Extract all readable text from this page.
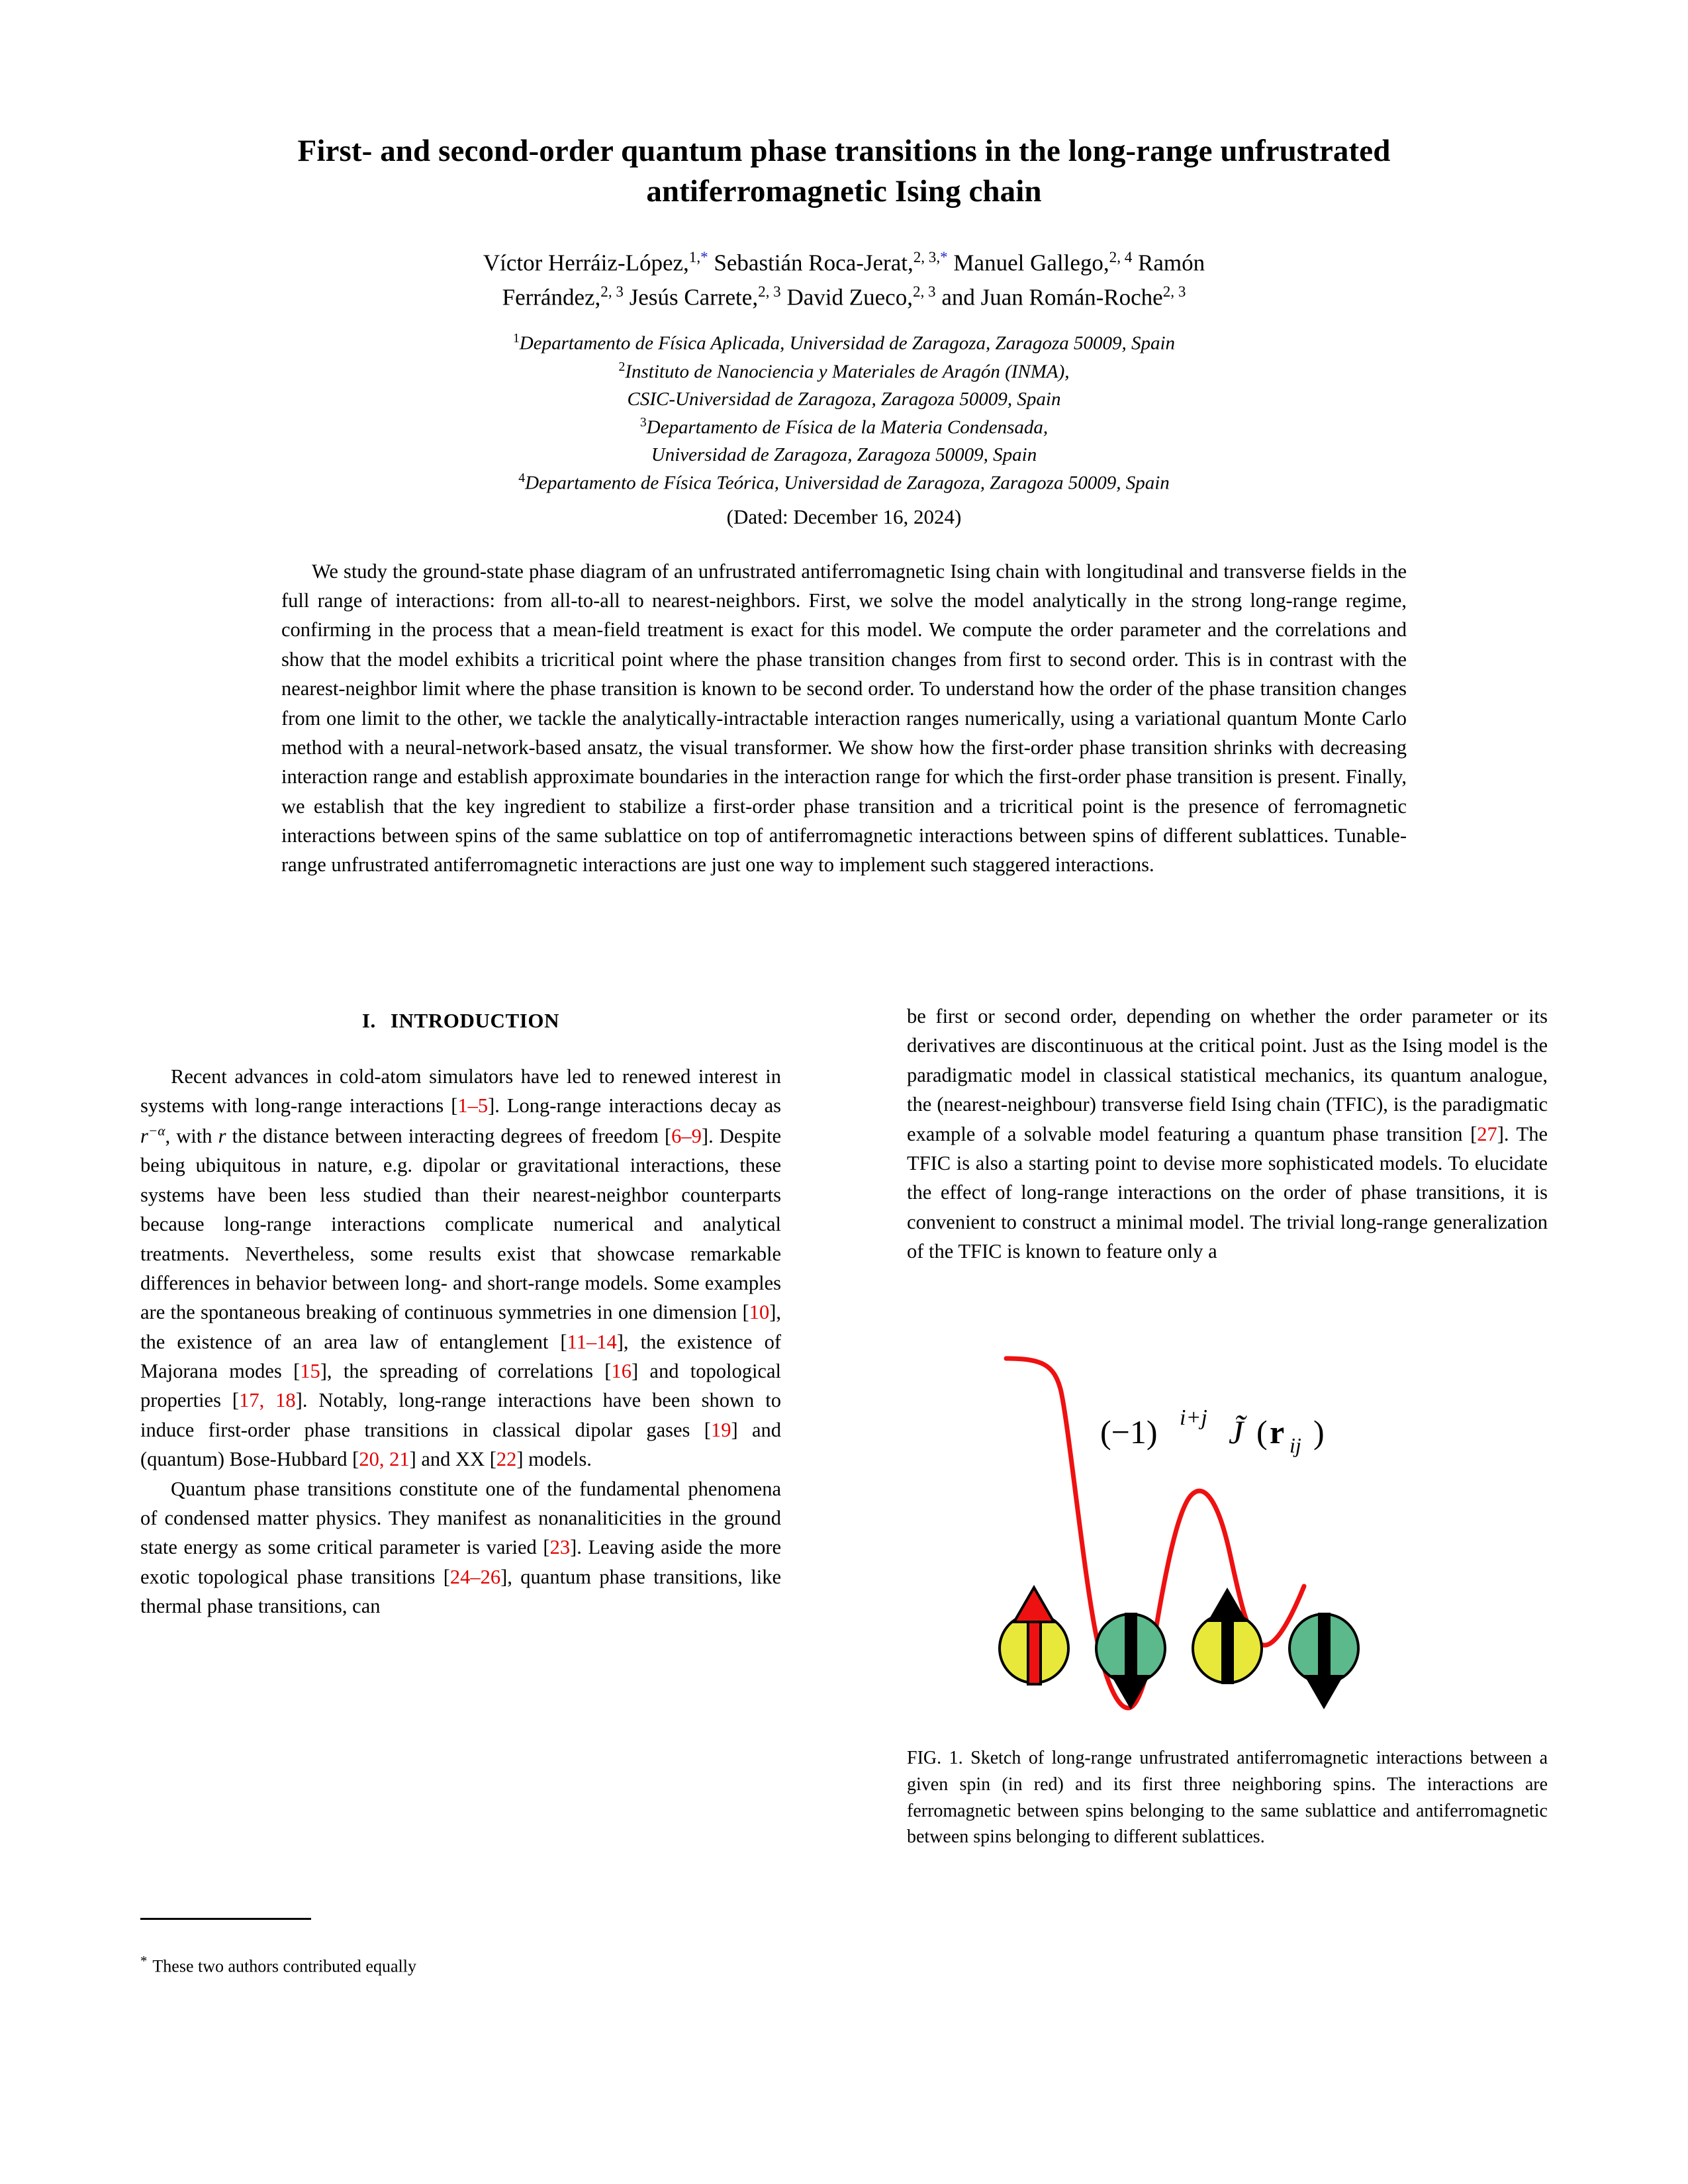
First- and second-order quantum phase transitions in the long-range unfrustrated antiferromagnetic Ising chain
Víctor Herráiz-López,$^{1,*}$ Sebastián Roca-Jerat,$^{2, 3,*}$ Manuel Gallego,$^{2, 4}$ Ramón
Ferrández,$^{2, 3}$ Jesús Carrete,$^{2, 3}$ David Zueco,$^{2, 3}$ and Juan Román-Roche$^{2, 3}$
$^1$Departamento de Física Aplicada, Universidad de Zaragoza, Zaragoza 50009, Spain
$^2$Instituto de Nanociencia y Materiales de Aragón (INMA),
CSIC-Universidad de Zaragoza, Zaragoza 50009, Spain
$^3$Departamento de Física de la Materia Condensada,
Universidad de Zaragoza, Zaragoza 50009, Spain
$^4$Departamento de Física Teórica, Universidad de Zaragoza, Zaragoza 50009, Spain
(Dated: December 16, 2024)
We study the ground-state phase diagram of an unfrustrated antiferromagnetic Ising chain with longitudinal and transverse fields in the full range of interactions: from all-to-all to nearest-neighbors. First, we solve the model analytically in the strong long-range regime, confirming in the process that a mean-field treatment is exact for this model. We compute the order parameter and the correlations and show that the model exhibits a tricritical point where the phase transition changes from first to second order. This is in contrast with the nearest-neighbor limit where the phase transition is known to be second order. To understand how the order of the phase transition changes from one limit to the other, we tackle the analytically-intractable interaction ranges numerically, using a variational quantum Monte Carlo method with a neural-network-based ansatz, the visual transformer. We show how the first-order phase transition shrinks with decreasing interaction range and establish approximate boundaries in the interaction range for which the first-order phase transition is present. Finally, we establish that the key ingredient to stabilize a first-order phase transition and a tricritical point is the presence of ferromagnetic interactions between spins of the same sublattice on top of antiferromagnetic interactions between spins of different sublattices. Tunable-range unfrustrated antiferromagnetic interactions are just one way to implement such staggered interactions.
I. INTRODUCTION

Recent advances in cold-atom simulators have led to renewed interest in systems with long-range interactions [1–5]. Long-range interactions decay as $r^{-\alpha}$, with r the distance between interacting degrees of freedom [6–9]. Despite being ubiquitous in nature, e.g. dipolar or gravitational interactions, these systems have been less studied than their nearest-neighbor counterparts because long-range interactions complicate numerical and analytical treatments. Nevertheless, some results exist that showcase remarkable differences in behavior between long- and short-range models. Some examples are the spontaneous breaking of continuous symmetries in one dimension [10], the existence of an area law of entanglement [11–14], the existence of Majorana modes [15], the spreading of correlations [16] and topological properties [17, 18]. Notably, long-range interactions have been shown to induce first-order phase transitions in classical dipolar gases [19] and (quantum) Bose-Hubbard [20, 21] and XX [22] models.

Quantum phase transitions constitute one of the fundamental phenomena of condensed matter physics. They manifest as nonanaliticities in the ground state energy as some critical parameter is varied [23]. Leaving aside the more exotic topological phase transitions [24–26], quantum phase transitions, like thermal phase transitions, can

be first or second order, depending on whether the order parameter or its derivatives are discontinuous at the critical point. Just as the Ising model is the paradigmatic model in classical statistical mechanics, its quantum analogue, the (nearest-neighbour) transverse field Ising chain (TFIC), is the paradigmatic example of a solvable model featuring a quantum phase transition [27]. The TFIC is also a starting point to devise more sophisticated models. To elucidate the effect of long-range interactions on the order of phase transitions, it is convenient to construct a minimal model. The trivial long-range generalization of the TFIC is known to feature only a

(−1) i+j J̃ ( r ij )
FIG. 1. Sketch of long-range unfrustrated antiferromagnetic interactions between a given spin (in red) and its first three neighboring spins. The interactions are ferromagnetic between spins belonging to the same sublattice and antiferromagnetic between spins belonging to different sublattices.
* These two authors contributed equally
